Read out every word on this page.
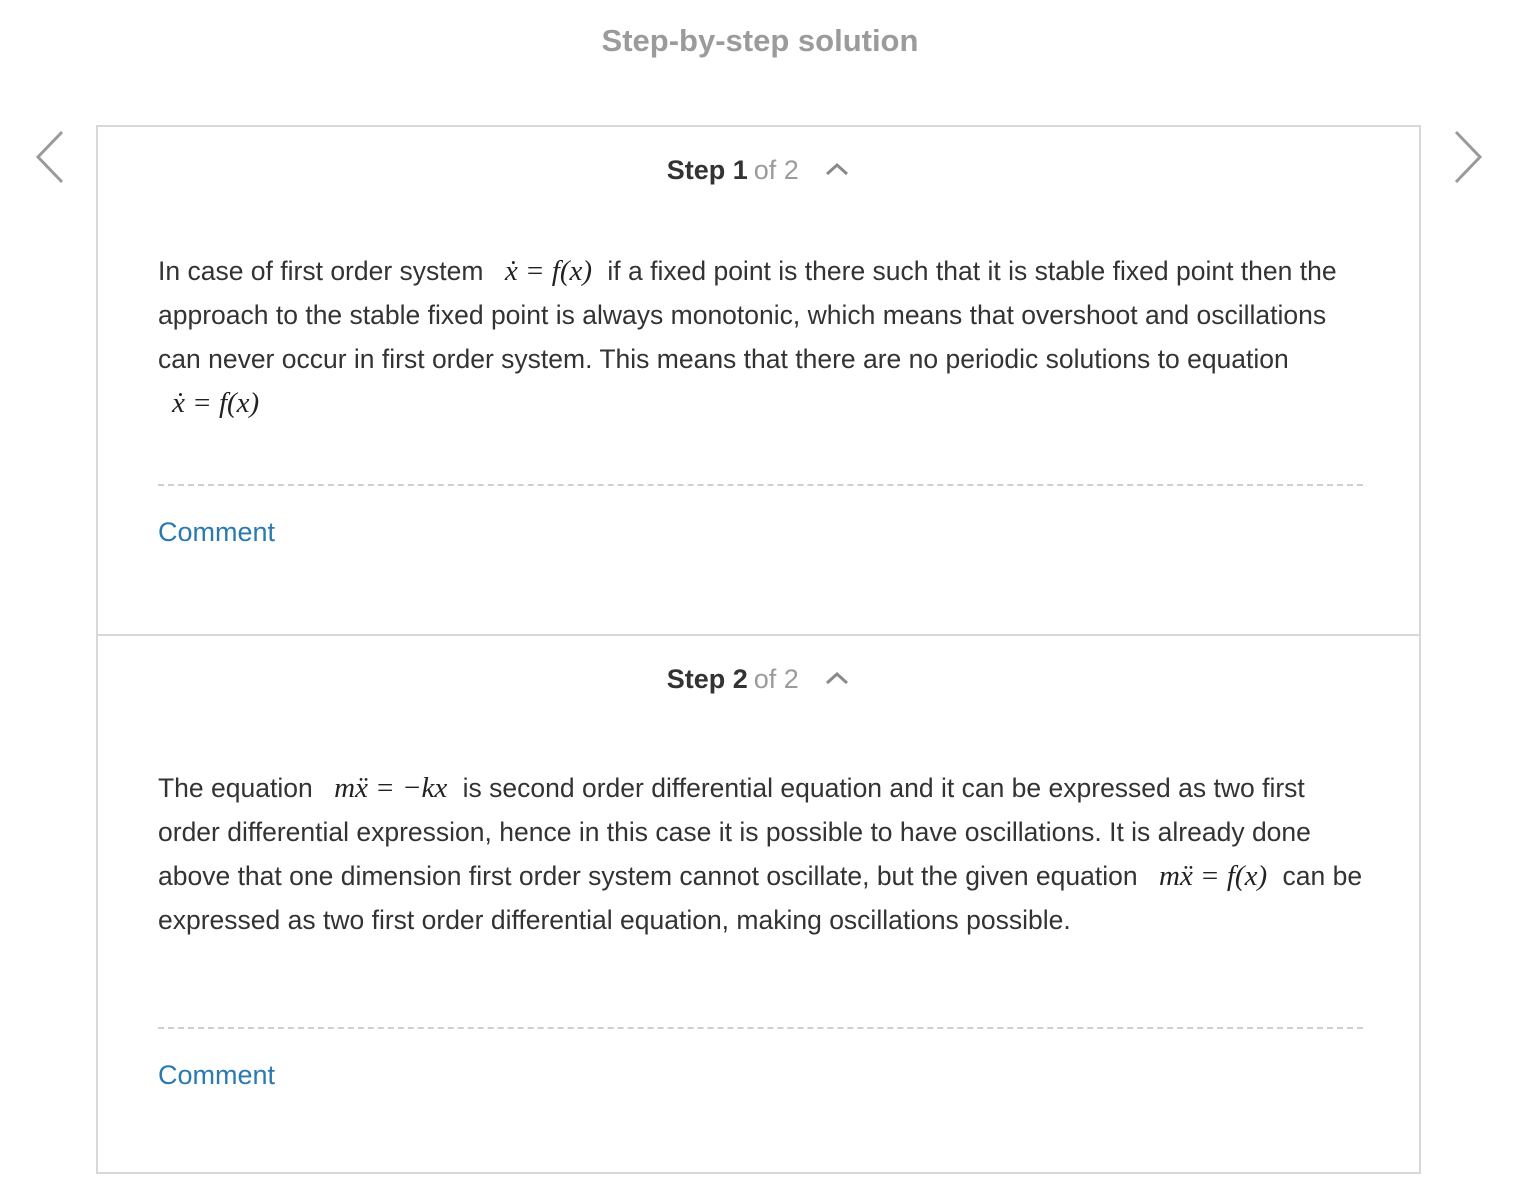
Step-by-step solution
Step 1 of 2
In case of first order system ẋ = f(x) if a fixed point is there such that it is stable fixed point then the approach to the stable fixed point is always monotonic, which means that overshoot and oscillations can never occur in first order system. This means that there are no periodic solutions to equation ẋ = f(x)
Comment
Step 2 of 2
The equation mẍ = −kx is second order differential equation and it can be expressed as two first order differential expression, hence in this case it is possible to have oscillations. It is already done above that one dimension first order system cannot oscillate, but the given equation mẍ = f(x) can be expressed as two first order differential equation, making oscillations possible.
Comment
